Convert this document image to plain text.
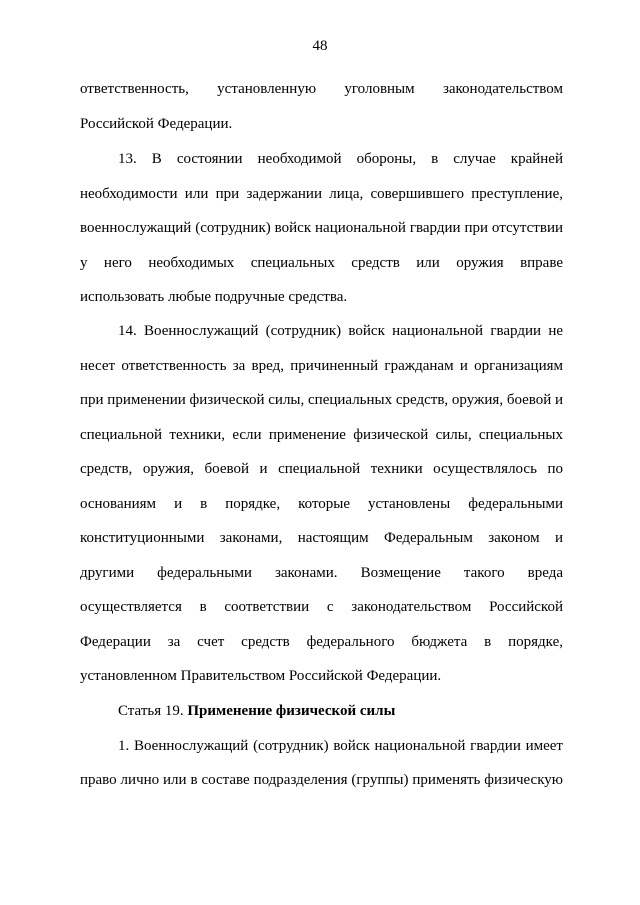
48
ответственность, установленную уголовным законодательством
Российской Федерации.
13. В состоянии необходимой обороны, в случае крайней
необходимости или при задержании лица, совершившего преступление,
военнослужащий (сотрудник) войск национальной гвардии при отсутствии
у него необходимых специальных средств или оружия вправе
использовать любые подручные средства.
14. Военнослужащий (сотрудник) войск национальной гвардии не
несет ответственность за вред, причиненный гражданам и организациям
при применении физической силы, специальных средств, оружия, боевой и
специальной техники, если применение физической силы, специальных
средств, оружия, боевой и специальной техники осуществлялось по
основаниям и в порядке, которые установлены федеральными
конституционными законами, настоящим Федеральным законом и
другими федеральными законами. Возмещение такого вреда
осуществляется в соответствии с законодательством Российской
Федерации за счет средств федерального бюджета в порядке,
установленном Правительством Российской Федерации.
Статья 19. Применение физической силы
1. Военнослужащий (сотрудник) войск национальной гвардии имеет
право лично или в составе подразделения (группы) применять физическую
